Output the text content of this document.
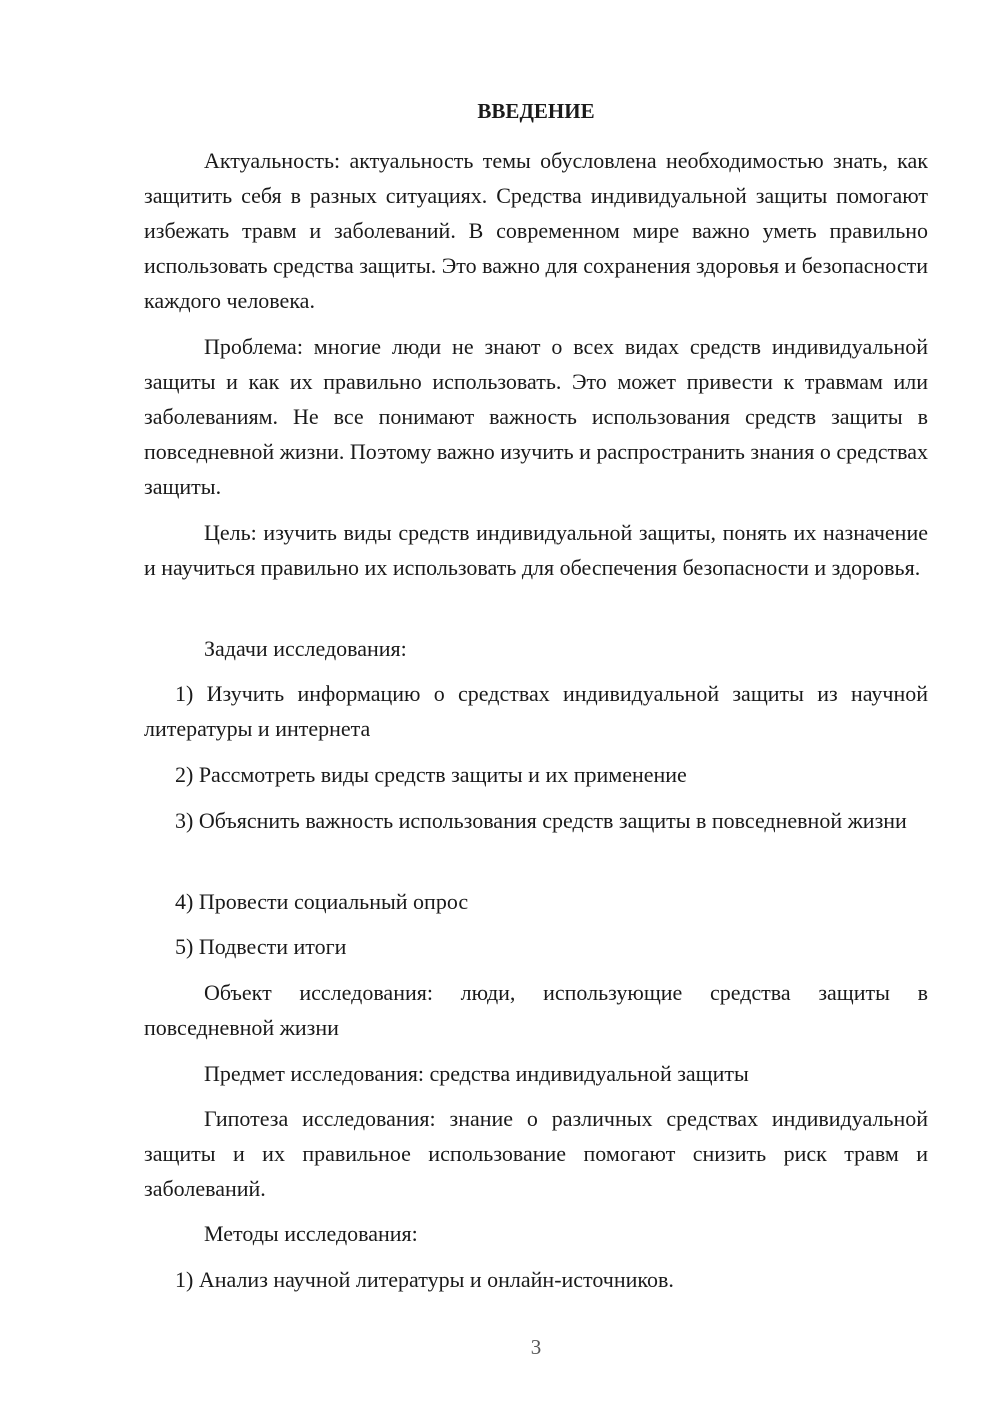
ВВЕДЕНИЕ

Актуальность: актуальность темы обусловлена необходимостью знать, как защитить себя в разных ситуациях. Средства индивидуальной защиты помогают избежать травм и заболеваний. В современном мире важно уметь правильно использовать средства защиты. Это важно для сохранения здоровья и безопасности каждого человека.

Проблема: многие люди не знают о всех видах средств индивидуальной защиты и как их правильно использовать. Это может привести к травмам или заболеваниям. Не все понимают важность использования средств защиты в повседневной жизни. Поэтому важно изучить и распространить знания о средствах защиты.

Цель: изучить виды средств индивидуальной защиты, понять их назначение и научиться правильно их использовать для обеспечения безопасности и здоровья.

Задачи исследования:

1) Изучить информацию о средствах индивидуальной защиты из научной литературы и интернета

2) Рассмотреть виды средств защиты и их применение

3) Объяснить важность использования средств защиты в повседневной жизни

4) Провести социальный опрос

5) Подвести итоги

Объект исследования: люди, использующие средства защиты в повседневной жизни

Предмет исследования: средства индивидуальной защиты

Гипотеза исследования: знание о различных средствах индивидуальной защиты и их правильное использование помогают снизить риск травм и заболеваний.

Методы исследования:

1) Анализ научной литературы и онлайн-источников.

3
